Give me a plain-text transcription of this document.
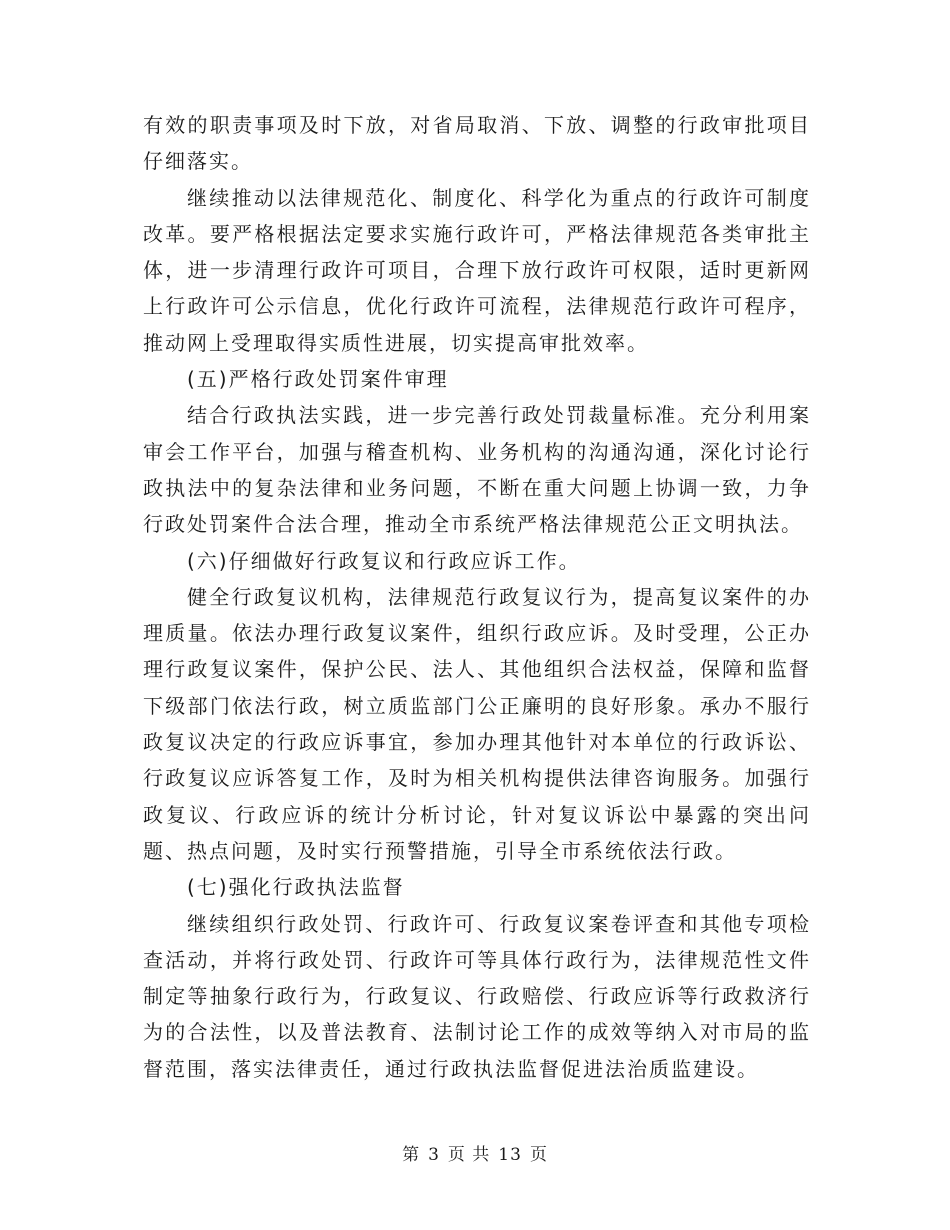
有效的职责事项及时下放，对省局取消、下放、调整的行政审批项目仔细落实。

继续推动以法律规范化、制度化、科学化为重点的行政许可制度改革。要严格根据法定要求实施行政许可，严格法律规范各类审批主体，进一步清理行政许可项目，合理下放行政许可权限，适时更新网上行政许可公示信息，优化行政许可流程，法律规范行政许可程序，推动网上受理取得实质性进展，切实提高审批效率。

(五)严格行政处罚案件审理

结合行政执法实践，进一步完善行政处罚裁量标准。充分利用案审会工作平台，加强与稽查机构、业务机构的沟通沟通，深化讨论行政执法中的复杂法律和业务问题，不断在重大问题上协调一致，力争行政处罚案件合法合理，推动全市系统严格法律规范公正文明执法。

(六)仔细做好行政复议和行政应诉工作。

健全行政复议机构，法律规范行政复议行为，提高复议案件的办理质量。依法办理行政复议案件，组织行政应诉。及时受理，公正办理行政复议案件，保护公民、法人、其他组织合法权益，保障和监督下级部门依法行政，树立质监部门公正廉明的良好形象。承办不服行政复议决定的行政应诉事宜，参加办理其他针对本单位的行政诉讼、行政复议应诉答复工作，及时为相关机构提供法律咨询服务。加强行政复议、行政应诉的统计分析讨论，针对复议诉讼中暴露的突出问题、热点问题，及时实行预警措施，引导全市系统依法行政。

(七)强化行政执法监督

继续组织行政处罚、行政许可、行政复议案卷评查和其他专项检查活动，并将行政处罚、行政许可等具体行政行为，法律规范性文件制定等抽象行政行为，行政复议、行政赔偿、行政应诉等行政救济行为的合法性，以及普法教育、法制讨论工作的成效等纳入对市局的监督范围，落实法律责任，通过行政执法监督促进法治质监建设。

第 3 页 共 13 页
